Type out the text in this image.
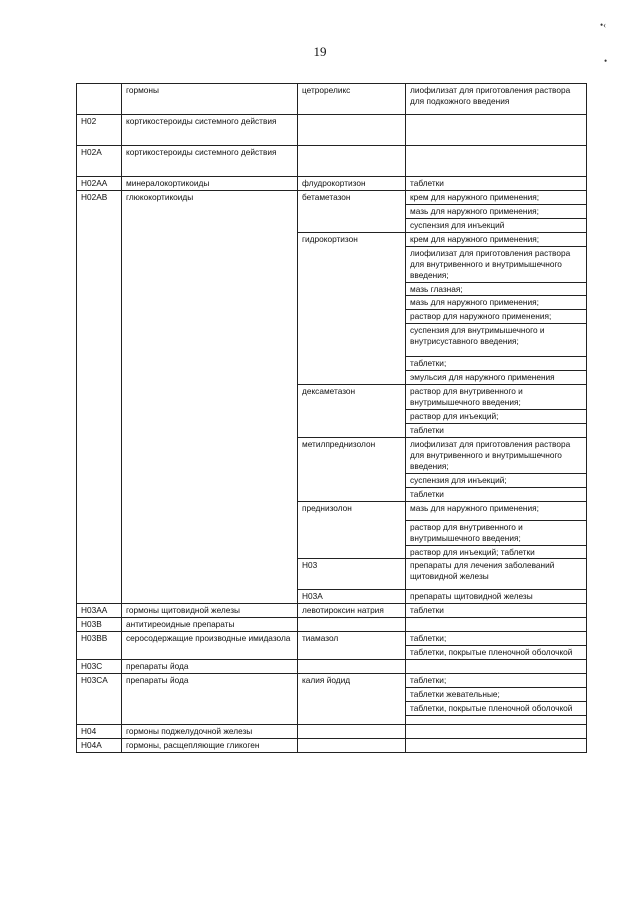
19
•‹
•
	гормоны	цетрореликс	лиофилизат для приготовления раствора для подкожного введения	
H02	кортикостероиды системного действия			
H02A	кортикостероиды системного действия			
H02AA	минералокортикоиды	флудрокортизон	таблетки	
H02AB	глюкокортикоиды	бетаметазон	крем для наружного применения;	
			мазь для наружного применения;	
			суспензия для инъекций	
		гидрокортизон	крем для наружного применения;	
			лиофилизат для приготовления раствора для внутривенного и внутримышечного введения;	
			мазь глазная;	
			мазь для наружного применения;	
			раствор для наружного применения;	
			суспензия для внутримышечного и внутрисуставного введения;	
			таблетки;	
			эмульсия для наружного применения	
		дексаметазон	раствор для внутривенного и внутримышечного введения;	
			раствор для инъекций;	
			таблетки	
		метилпреднизолон	лиофилизат для приготовления раствора для внутривенного и внутримышечного введения;	
			суспензия для инъекций;	
			таблетки	
		преднизолон	мазь для наружного применения;	
			раствор для внутривенного и внутримышечного введения;	
			раствор для инъекций; таблетки	
		H03	препараты для лечения заболеваний щитовидной железы		
		H03A	препараты щитовидной железы		
H03AA	гормоны щитовидной железы	левотироксин натрия	таблетки	
H03B	антитиреоидные препараты			
H03BB	серосодержащие производные имидазола	тиамазол	таблетки;	
			таблетки, покрытые пленочной оболочкой	
H03C	препараты йода			
H03CA	препараты йода	калия йодид	таблетки;	
			таблетки жевательные;	
			таблетки, покрытые пленочной оболочкой	

H04	гормоны поджелудочной железы			
H04A	гормоны, расщепляющие гликоген			
